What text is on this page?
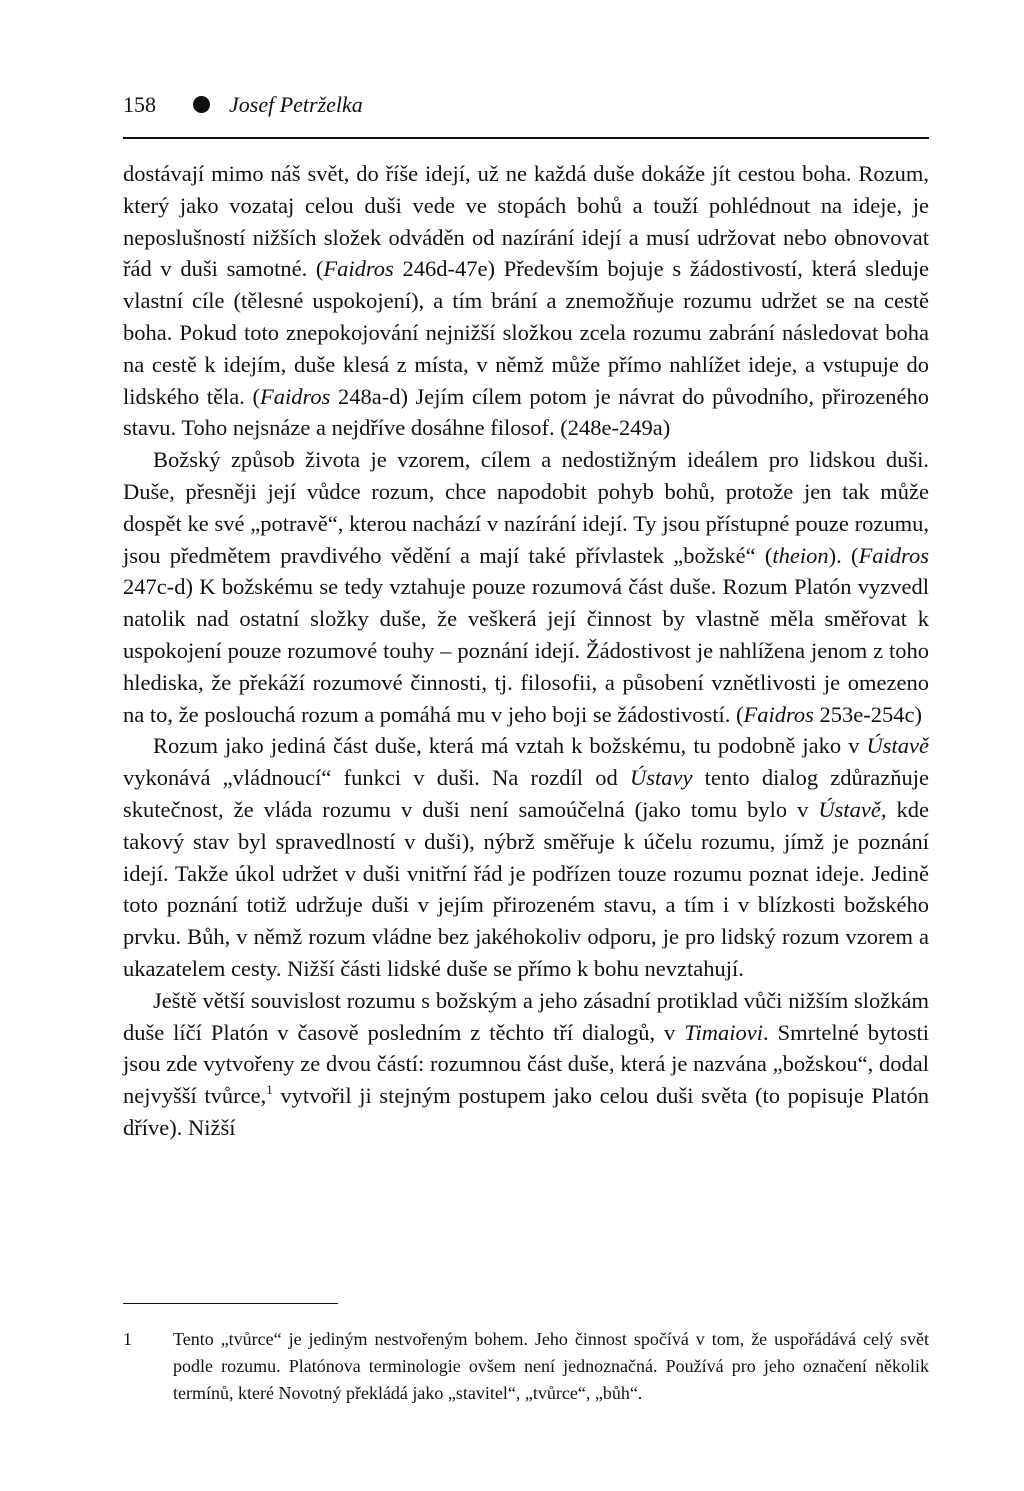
158	Josef Petrželka

dostávají mimo náš svět, do říše idejí, už ne každá duše dokáže jít cestou boha. Rozum, který jako vozataj celou duši vede ve stopách bohů a touží pohlédnout na ideje, je neposlušností nižších složek odváděn od nazírání idejí a musí udržovat nebo obnovovat řád v duši samotné. (Faidros 246d-47e) Především bojuje s žádostivostí, která sleduje vlastní cíle (tělesné uspokojení), a tím brání a znemožňuje rozumu udržet se na cestě boha. Pokud toto znepokojování nejnižší složkou zcela rozumu zabrání následovat boha na cestě k idejím, duše klesá z místa, v němž může přímo nahlížet ideje, a vstupuje do lidského těla. (Faidros 248a-d) Jejím cílem potom je návrat do původního, přirozeného stavu. Toho nejsnáze a nejdříve dosáhne filosof. (248e-249a)

Božský způsob života je vzorem, cílem a nedostižným ideálem pro lidskou duši. Duše, přesněji její vůdce rozum, chce napodobit pohyb bohů, protože jen tak může dospět ke své „potravě“, kterou nachází v nazírání idejí. Ty jsou přístupné pouze rozumu, jsou předmětem pravdivého vědění a mají také přívlastek „božské“ (theion). (Faidros 247c-d) K božskému se tedy vztahuje pouze rozumová část duše. Rozum Platón vyzvedl natolik nad ostatní složky duše, že veškerá její činnost by vlastně měla směřovat k uspokojení pouze rozumové touhy – poznání idejí. Žádostivost je nahlížena jenom z toho hlediska, že překáží rozumové činnosti, tj. filosofii, a působení vznětlivosti je omezeno na to, že poslouchá rozum a pomáhá mu v jeho boji se žádostivostí. (Faidros 253e-254c)

Rozum jako jediná část duše, která má vztah k božskému, tu podobně jako v Ústavě vykonává „vládnoucí“ funkci v duši. Na rozdíl od Ústavy tento dialog zdůrazňuje skutečnost, že vláda rozumu v duši není samoúčelná (jako tomu bylo v Ústavě, kde takový stav byl spravedlností v duši), nýbrž směřuje k účelu rozumu, jímž je poznání idejí. Takže úkol udržet v duši vnitřní řád je podřízen touze rozumu poznat ideje. Jedině toto poznání totiž udržuje duši v jejím přirozeném stavu, a tím i v blízkosti božského prvku. Bůh, v němž rozum vládne bez jakéhokoliv odporu, je pro lidský rozum vzorem a ukazatelem cesty. Nižší části lidské duše se přímo k bohu nevztahují.

Ještě větší souvislost rozumu s božským a jeho zásadní protiklad vůči nižším složkám duše líčí Platón v časově posledním z těchto tří dialogů, v Timaiovi. Smrtelné bytosti jsou zde vytvořeny ze dvou částí: rozumnou část duše, která je nazvána „božskou“, dodal nejvyšší tvůrce,$^1$ vytvořil ji stejným postupem jako celou duši světa (to popisuje Platón dříve). Nižší

1 Tento „tvůrce“ je jediným nestvořeným bohem. Jeho činnost spočívá v tom, že uspořádává celý svět podle rozumu. Platónova terminologie ovšem není jednoznačná. Používá pro jeho označení několik termínů, které Novotný překládá jako „stavitel“, „tvůrce“, „bůh“.
